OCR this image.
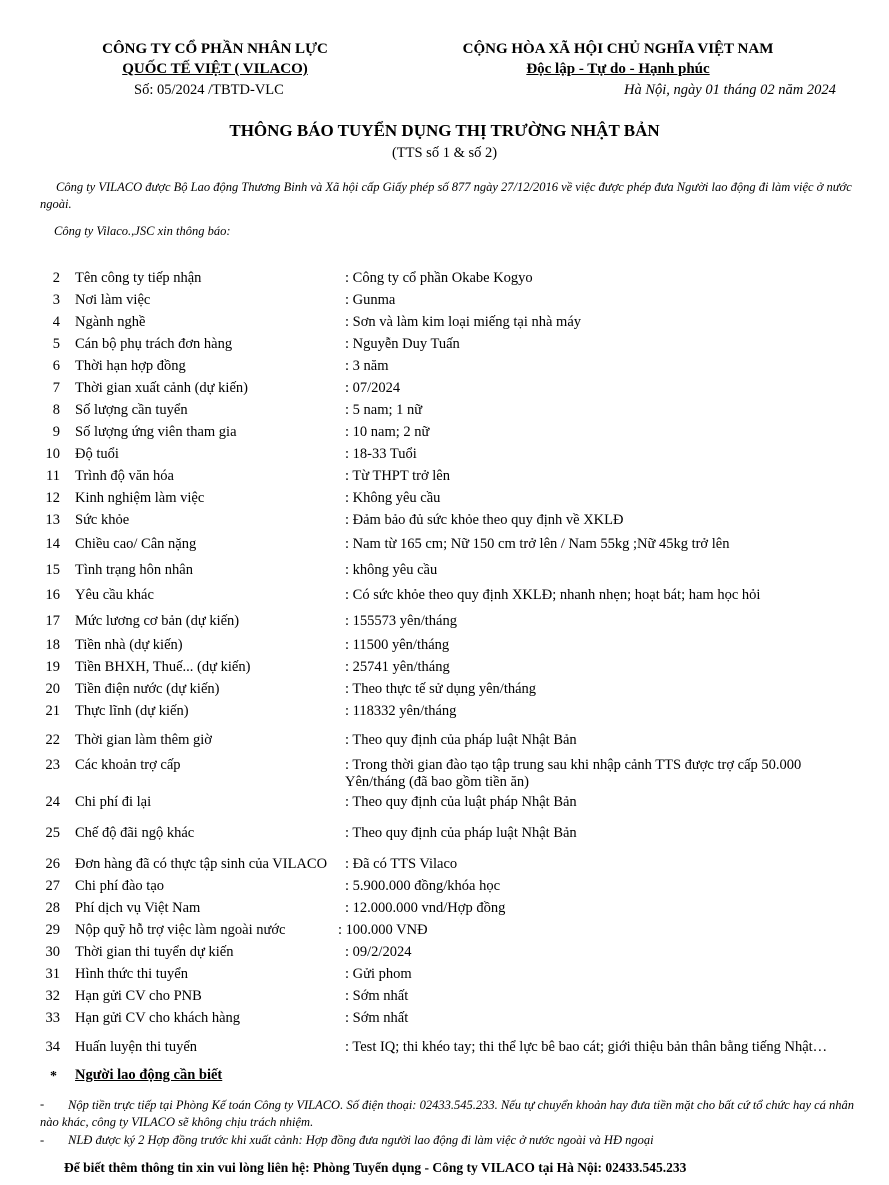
CÔNG TY CỔ PHẦN NHÂN LỰC
QUỐC TẾ VIỆT ( VILACO)
Số: 05/2024 /TBTD-VLC
CỘNG HÒA XÃ HỘI CHỦ NGHĨA VIỆT NAM
Độc lập - Tự do - Hạnh phúc
Hà Nội, ngày 01 tháng 02 năm 2024
THÔNG BÁO TUYỂN DỤNG THỊ TRƯỜNG NHẬT BẢN
(TTS số 1 & số 2)
Công ty VILACO được Bộ Lao động Thương Binh và Xã hội cấp Giấy phép số 877 ngày 27/12/2016 về việc được phép đưa Người lao động đi làm việc ở nước ngoài.
Công ty Vilaco.,JSC xin thông báo:
2 Tên công ty tiếp nhận	: Công ty cổ phần Okabe Kogyo
3 Nơi làm việc	: Gunma
4 Ngành nghề	: Sơn và làm kim loại miếng tại nhà máy
5 Cán bộ phụ trách đơn hàng	: Nguyễn Duy Tuấn
6 Thời hạn hợp đồng	: 3 năm
7 Thời gian xuất cảnh (dự kiến)	: 07/2024
8 Số lượng cần tuyển	: 5 nam; 1 nữ
9 Số lượng ứng viên tham gia	: 10 nam; 2 nữ
10 Độ tuổi	: 18-33 Tuổi
11 Trình độ văn hóa	: Từ THPT trở lên
12 Kinh nghiệm làm việc	: Không yêu cầu
13 Sức khỏe	: Đảm bảo đủ sức khỏe theo quy định về XKLĐ
14 Chiều cao/ Cân nặng	: Nam từ 165 cm; Nữ 150 cm trở lên / Nam 55kg ;Nữ 45kg trở lên
15 Tình trạng hôn nhân	: không yêu cầu
16 Yêu cầu khác	: Có sức khỏe theo quy định XKLĐ; nhanh nhẹn; hoạt bát; ham học hỏi
17 Mức lương cơ bản (dự kiến)	: 155573 yên/tháng
18 Tiền nhà (dự kiến)	: 11500 yên/tháng
19 Tiền BHXH, Thuế... (dự kiến)	: 25741 yên/tháng
20 Tiền điện nước (dự kiến)	: Theo thực tế sử dụng yên/tháng
21 Thực lĩnh (dự kiến)	: 118332 yên/tháng
22 Thời gian làm thêm giờ	: Theo quy định của pháp luật Nhật Bản
23 Các khoản trợ cấp	: Trong thời gian đào tạo tập trung sau khi nhập cảnh TTS được trợ cấp 50.000 Yên/tháng (đã bao gồm tiền ăn)
24 Chi phí đi lại	: Theo quy định của luật pháp Nhật Bản
25 Chế độ đãi ngộ khác	: Theo quy định của pháp luật Nhật Bản
26 Đơn hàng đã có thực tập sinh của VILACO : Đã có TTS Vilaco
27 Chi phí đào tạo	: 5.900.000 đồng/khóa học
28 Phí dịch vụ Việt Nam	: 12.000.000 vnd/Hợp đồng
29 Nộp quỹ hỗ trợ việc làm ngoài nước	: 100.000 VNĐ
30 Thời gian thi tuyển dự kiến	: 09/2/2024
31 Hình thức thi tuyển	: Gửi phom
32 Hạn gửi CV cho PNB	: Sớm nhất
33 Hạn gửi CV cho khách hàng	: Sớm nhất
34 Huấn luyện thi tuyển	: Test IQ; thi khéo tay; thi thể lực bê bao cát; giới thiệu bản thân bằng tiếng Nhật…
* Người lao động cần biết
-	Nộp tiền trực tiếp tại Phòng Kế toán Công ty VILACO. Số điện thoại: 02433.545.233. Nếu tự chuyển khoản hay đưa tiền mặt cho bất cứ tổ chức hay cá nhân nào khác, công ty VILACO sẽ không chịu trách nhiệm.
- NLĐ được ký 2 Hợp đồng trước khi xuất cảnh: Hợp đồng đưa người lao động đi làm việc ở nước ngoài và HĐ ngoại
Để biết thêm thông tin xin vui lòng liên hệ: Phòng Tuyển dụng - Công ty VILACO tại Hà Nội: 02433.545.233
